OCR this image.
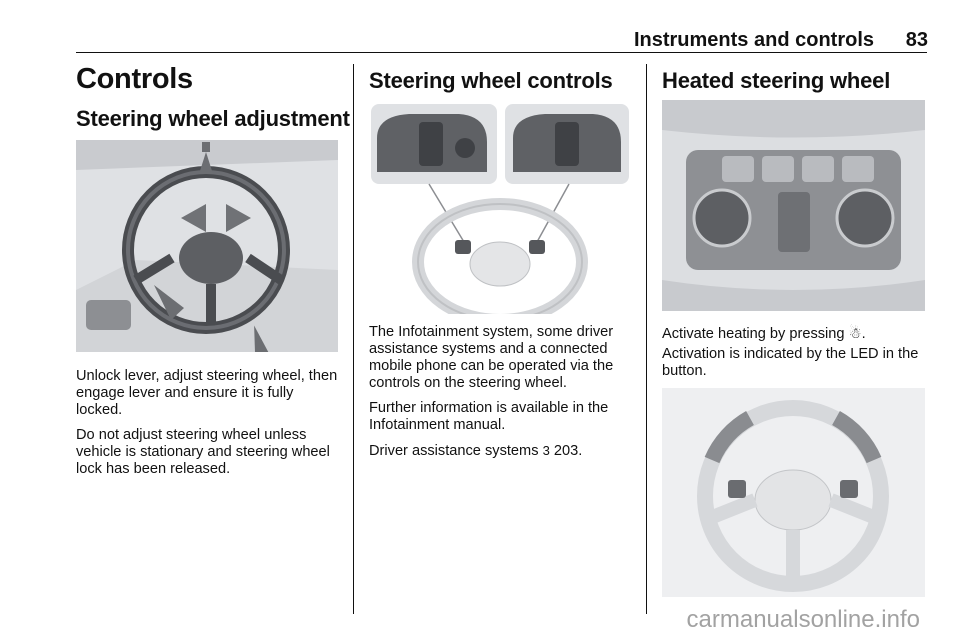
Instruments and controls 83
Controls
Steering wheel adjustment

Unlock lever, adjust steering wheel, then engage lever and ensure it is fully locked.

Do not adjust steering wheel unless vehicle is stationary and steering wheel lock has been released.

Steering wheel controls

The Infotainment system, some driver assistance systems and a connected mobile phone can be operated via the controls on the steering wheel.

Further information is available in the Infotainment manual.

Driver assistance systems 3 203.

Heated steering wheel

Activate heating by pressing ☃.

Activation is indicated by the LED in the button.

carmanualsonline.info
